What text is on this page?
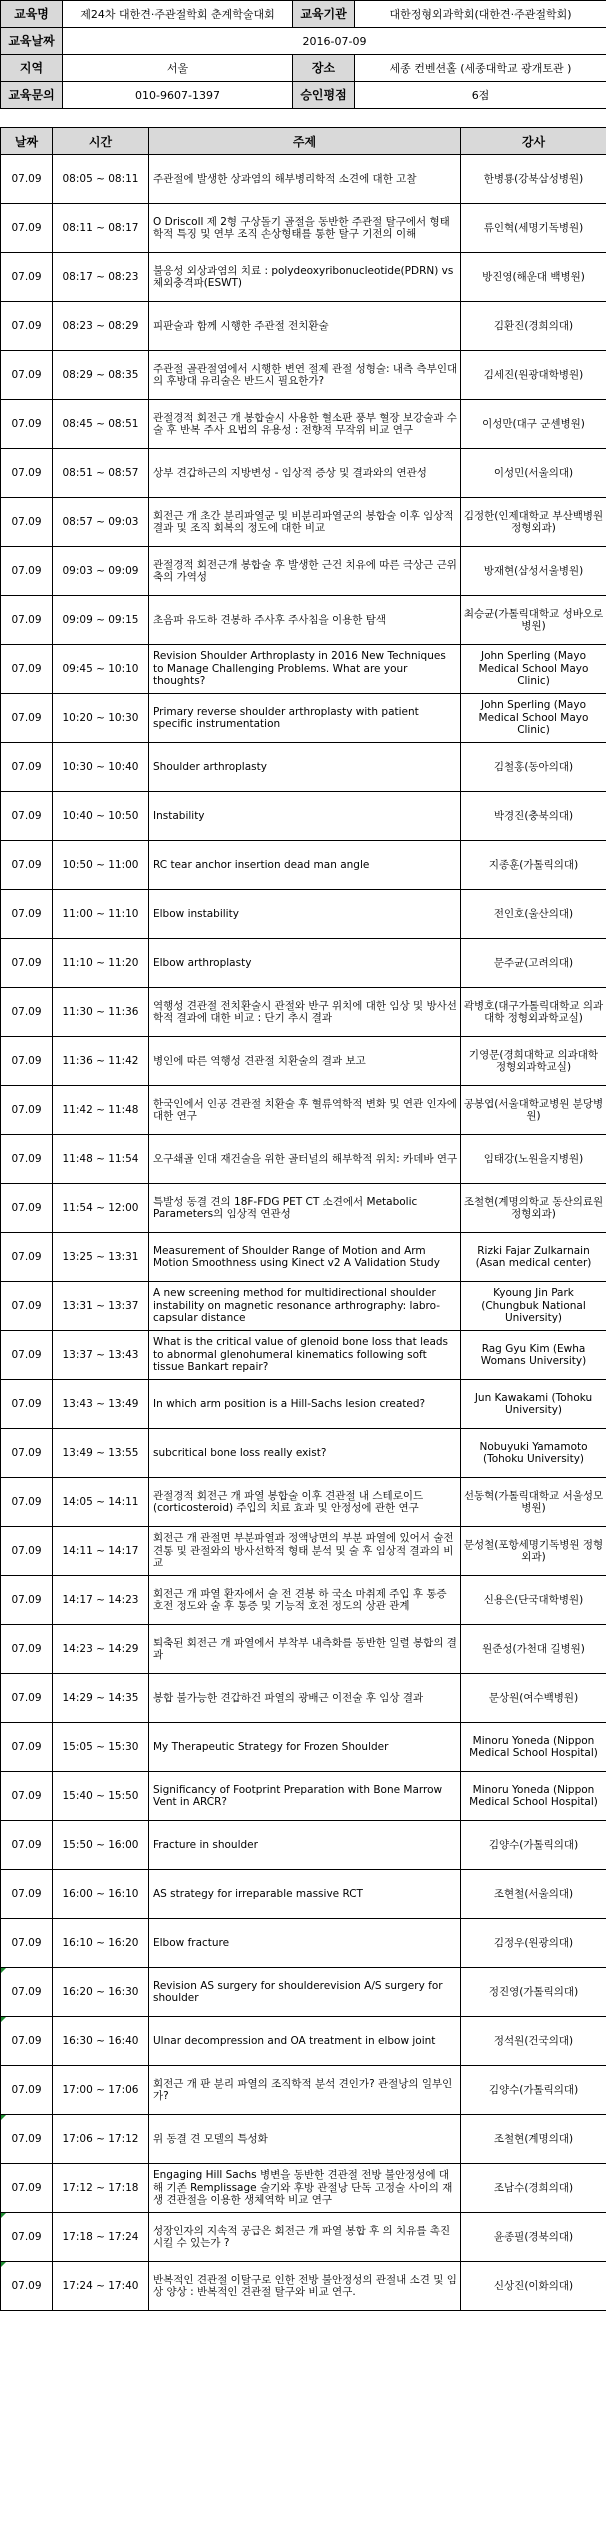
교육명	제24차 대한견·주관절학회 춘계학술대회	교육기관	대한정형외과학회(대한견·주관절학회)
교육날짜	2016-07-09		
지역	서울	장소	세종 컨벤션홀 (세종대학교 광개토관 )
교육문의	010-9607-1397	승인평점	6점
날짜	시간	주제	강사
07.09	08:05 ~ 08:11	주관절에 발생한 상과염의 해부병리학적 소견에 대한 고찰	한병룡(강북삼성병원)
07.09	08:11 ~ 08:17	O Driscoll 제 2형 구상돌기 골절을 동반한 주관절 탈구에서 형태학적 특징 및 연부 조직 손상형태를 통한 탈구 기전의 이해	류인혁(세명기독병원)
07.09	08:17 ~ 08:23	불응성 외상과염의 치료 : polydeoxyribonucleotide(PDRN) vs 체외충격파(ESWT)	방진영(해운대 백병원)
07.09	08:23 ~ 08:29	피판술과 함께 시행한 주관절 전치환술	김환진(경희의대)
07.09	08:29 ~ 08:35	주관절 골관절염에서 시행한 변연 절제 관절 성형술: 내측 측부인대의 후방대 유리술은 반드시 필요한가?	김세진(원광대학병원)
07.09	08:45 ~ 08:51	관절경적 회전근 개 봉합술시 사용한 혈소판 풍부 혈장 보강술과 수술 후 반복 주사 요법의 유용성 : 전향적 무작위 비교 연구	이성만(대구 군센병원)
07.09	08:51 ~ 08:57	상부 견갑하근의 지방변성 - 임상적 증상 및 결과와의 연관성	이성민(서울의대)
07.09	08:57 ~ 09:03	회전근 개 초간 분리파열군 및 비분리파열군의 봉합술 이후 임상적 결과 및 조직 회복의 정도에 대한 비교	김정한(인제대학교 부산백병원 정형외과)
07.09	09:03 ~ 09:09	관절경적 회전근개 봉합술 후 발생한 근건 치유에 따른 극상근 근위축의 가역성	방재현(삼성서울병원)
07.09	09:09 ~ 09:15	초음파 유도하 견봉하 주사후 주사침을 이용한 탐색	최승균(가톨릭대학교 성바오로병원)
07.09	09:45 ~ 10:10	Revision Shoulder Arthroplasty in 2016 New Techniques to Manage Challenging Problems. What are your thoughts?	John Sperling (Mayo Medical School Mayo Clinic)
07.09	10:20 ~ 10:30	Primary reverse shoulder arthroplasty with patient specific instrumentation	John Sperling (Mayo Medical School Mayo Clinic)
07.09	10:30 ~ 10:40	Shoulder arthroplasty	김철홍(동아의대)
07.09	10:40 ~ 10:50	Instability	박경진(충북의대)
07.09	10:50 ~ 11:00	RC tear anchor insertion dead man angle	지종훈(가톨릭의대)
07.09	11:00 ~ 11:10	Elbow instability	전인호(울산의대)
07.09	11:10 ~ 11:20	Elbow arthroplasty	문주균(고려의대)
07.09	11:30 ~ 11:36	역행성 견관절 전치환술시 관절와 반구 위치에 대한 임상 및 방사선학적 결과에 대한 비교 : 단기 추시 결과	곽병호(대구가톨릭대학교 의과대학 정형외과학교실)
07.09	11:36 ~ 11:42	병인에 따른 역행성 견관절 치환술의 결과 보고	기영문(경희대학교 의과대학 정형외과학교실)
07.09	11:42 ~ 11:48	한국인에서 인공 견관절 치환술 후 혈류역학적 변화 및 연관 인자에 대한 연구	공봉엽(서울대학교병원 분당병원)
07.09	11:48 ~ 11:54	오구쇄골 인대 재건술을 위한 골터널의 해부학적 위치: 카데바 연구	임태강(노원을지병원)
07.09	11:54 ~ 12:00	특발성 동결 견의 18F-FDG PET CT 소견에서 Metabolic Parameters의 임상적 연관성	조철현(계명의학교 동산의료원 정형외과)
07.09	13:25 ~ 13:31	Measurement of Shoulder Range of Motion and Arm Motion Smoothness using Kinect v2 A Validation Study	Rizki Fajar Zulkarnain (Asan medical center)
07.09	13:31 ~ 13:37	A new screening method for multidirectional shoulder instability on magnetic resonance arthrography: labro-capsular distance	Kyoung Jin Park (Chungbuk National University)
07.09	13:37 ~ 13:43	What is the critical value of glenoid bone loss that leads to abnormal glenohumeral kinematics following soft tissue Bankart repair?	Rag Gyu Kim (Ewha Womans University)
07.09	13:43 ~ 13:49	In which arm position is a Hill-Sachs lesion created?	Jun Kawakami (Tohoku University)
07.09	13:49 ~ 13:55	subcritical bone loss really exist?	Nobuyuki Yamamoto (Tohoku University)
07.09	14:05 ~ 14:11	관절경적 회전근 개 파열 봉합술 이후 견관절 내 스테로이드(corticosteroid) 주입의 치료 효과 및 안정성에 관한 연구	선동혁(가톨릭대학교 서울성모병원)
07.09	14:11 ~ 14:17	회전근 개 관절면 부분파열과 정액낭면의 부분 파열에 있어서 술전 견통 및 관절와의 방사선학적 형태 분석 및 술 후 임상적 결과의 비교	문성철(포항세명기독병원 정형외과)
07.09	14:17 ~ 14:23	회전근 개 파열 환자에서 술 전 견봉 하 국소 마취제 주입 후 통증 호전 정도와 술 후 통증 및 기능적 호전 정도의 상관 관계	신용은(단국대학병원)
07.09	14:23 ~ 14:29	퇴축된 회전근 개 파열에서 부착부 내측화를 동반한 일렬 봉합의 결과	원준성(가천대 길병원)
07.09	14:29 ~ 14:35	봉합 불가능한 견갑하건 파열의 광배근 이전술 후 임상 결과	문상원(여수백병원)
07.09	15:05 ~ 15:30	My Therapeutic Strategy for Frozen Shoulder	Minoru Yoneda (Nippon Medical School Hospital)
07.09	15:40 ~ 15:50	Significancy of Footprint Preparation with Bone Marrow Vent in ARCR?	Minoru Yoneda (Nippon Medical School Hospital)
07.09	15:50 ~ 16:00	Fracture in shoulder	김양수(가톨릭의대)
07.09	16:00 ~ 16:10	AS strategy for irreparable massive RCT	조현철(서울의대)
07.09	16:10 ~ 16:20	Elbow fracture	김정우(원광의대)
07.09	16:20 ~ 16:30	Revision AS surgery for shoulderevision A/S surgery for shoulder	정진영(가톨릭의대)
07.09	16:30 ~ 16:40	Ulnar decompression and OA treatment in elbow joint	정석원(건국의대)
07.09	17:00 ~ 17:06	회전근 개 판 분리 파열의 조직학적 분석 견인가? 관절낭의 일부인가?	김양수(가톨릭의대)
07.09	17:06 ~ 17:12	위 동결 견 모델의 특성화	조철현(계명의대)
07.09	17:12 ~ 17:18	Engaging Hill Sachs 병변을 동반한 견관절 전방 불안정성에 대해 기존 Remplissage 술기와 후방 관절낭 단독 고정술 사이의 재생 견관절을 이용한 생체역학 비교 연구	조남수(경희의대)
07.09	17:18 ~ 17:24	성장인자의 지속적 공급은 회전근 개 파열 봉합 후 의 치유를 촉진시킬 수 있는가 ?	윤종필(경북의대)
07.09	17:24 ~ 17:40	반복적인 견관절 이탈구로 인한 전방 불안정성의 관절내 소견 및 임상 양상 : 반복적인 견관절 탈구와 비교 연구.	신상진(이화의대)
